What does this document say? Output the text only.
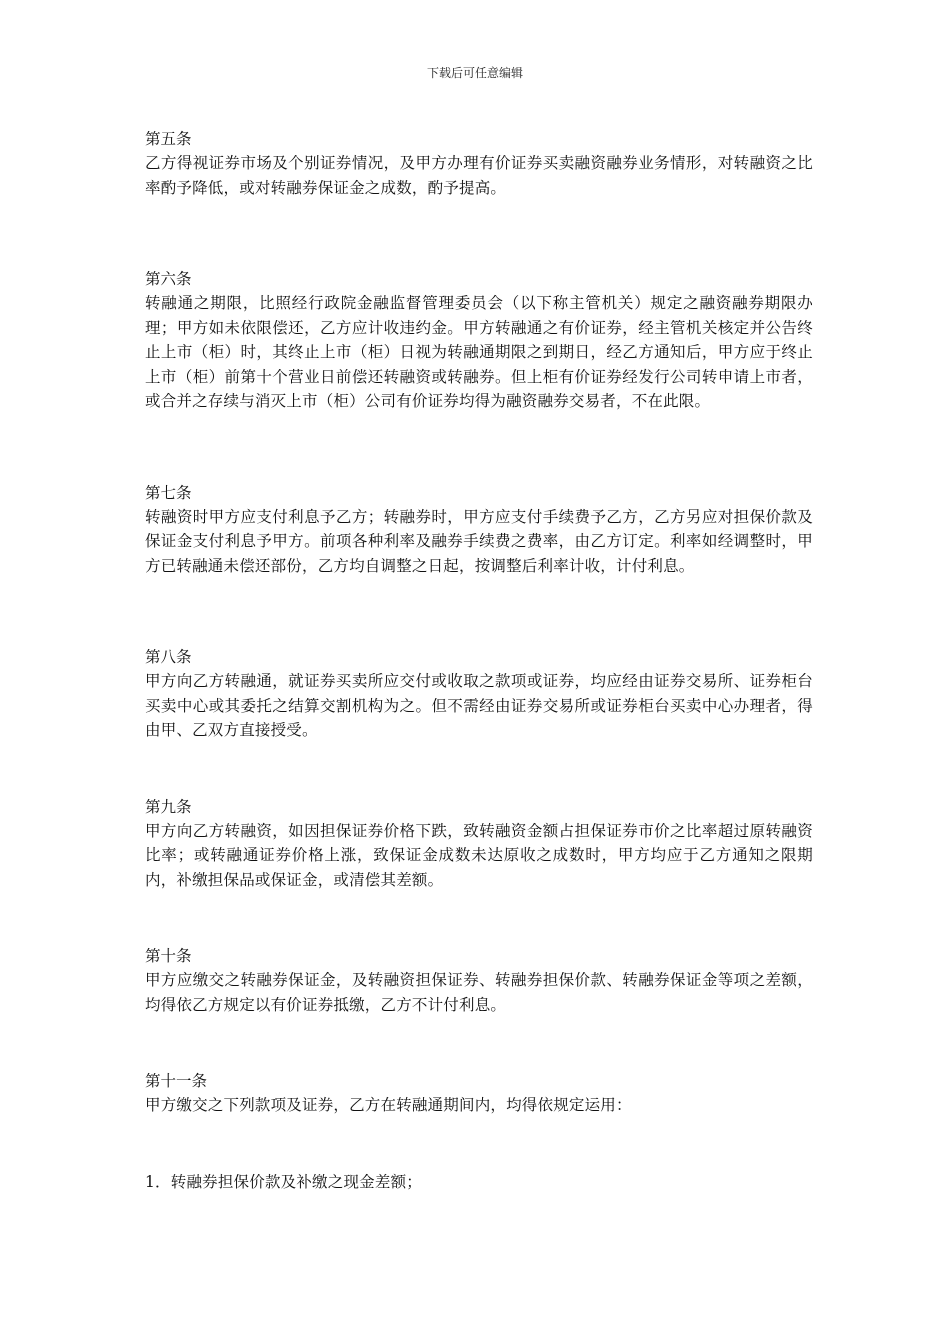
下载后可任意编辑

第五条

乙方得视证券市场及个别证券情况，及甲方办理有价证券买卖融资融券业务情形，对转融资之比率酌予降低，或对转融券保证金之成数，酌予提高。

第六条

转融通之期限，比照经行政院金融监督管理委员会（以下称主管机关）规定之融资融券期限办理；甲方如未依限偿还，乙方应计收违约金。甲方转融通之有价证券，经主管机关核定并公告终止上市（柜）时，其终止上市（柜）日视为转融通期限之到期日，经乙方通知后，甲方应于终止上市（柜）前第十个营业日前偿还转融资或转融券。但上柜有价证券经发行公司转申请上市者，或合并之存续与消灭上市（柜）公司有价证券均得为融资融券交易者，不在此限。

第七条

转融资时甲方应支付利息予乙方；转融券时，甲方应支付手续费予乙方，乙方另应对担保价款及保证金支付利息予甲方。前项各种利率及融券手续费之费率，由乙方订定。利率如经调整时，甲方已转融通未偿还部份，乙方均自调整之日起，按调整后利率计收，计付利息。

第八条

甲方向乙方转融通，就证券买卖所应交付或收取之款项或证券，均应经由证券交易所、证券柜台买卖中心或其委托之结算交割机构为之。但不需经由证券交易所或证券柜台买卖中心办理者，得由甲、乙双方直接授受。

第九条

甲方向乙方转融资，如因担保证券价格下跌，致转融资金额占担保证券市价之比率超过原转融资比率；或转融通证券价格上涨，致保证金成数未达原收之成数时，甲方均应于乙方通知之限期内，补缴担保品或保证金，或清偿其差额。

第十条

甲方应缴交之转融券保证金，及转融资担保证券、转融券担保价款、转融券保证金等项之差额，均得依乙方规定以有价证券抵缴，乙方不计付利息。

第十一条

甲方缴交之下列款项及证券，乙方在转融通期间内，均得依规定运用：

1．转融券担保价款及补缴之现金差额；
